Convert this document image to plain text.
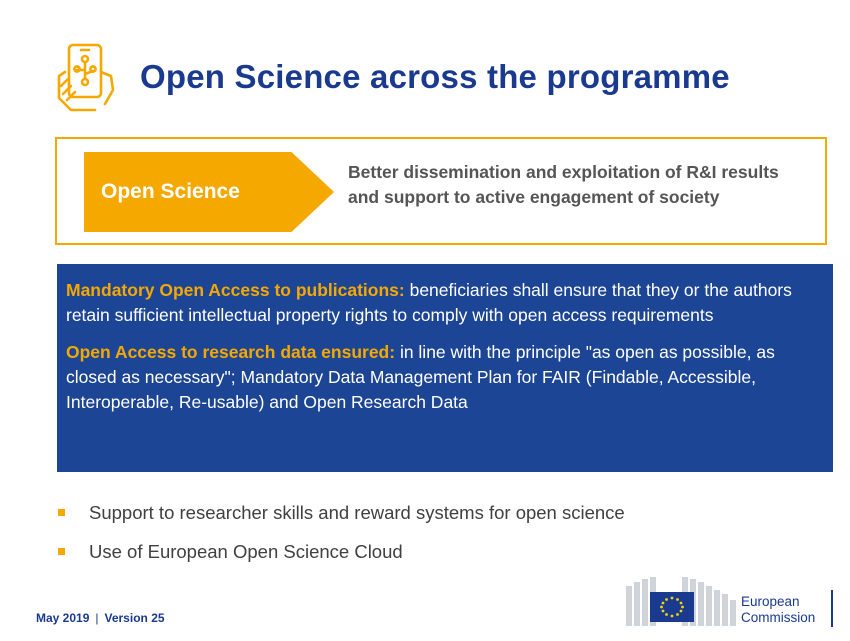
Open Science across the programme
Open Science
Better dissemination and exploitation of R&I results and support to active engagement of society

Mandatory Open Access to publications: beneficiaries shall ensure that they or the authors retain sufficient intellectual property rights to comply with open access requirements

Open Access to research data ensured: in line with the principle "as open as possible, as closed as necessary"; Mandatory Data Management Plan for FAIR (Findable, Accessible, Interoperable, Re-usable) and Open Research Data

Support to researcher skills and reward systems for open science
Use of European Open Science Cloud
May 2019 | Version 25
European
Commission
